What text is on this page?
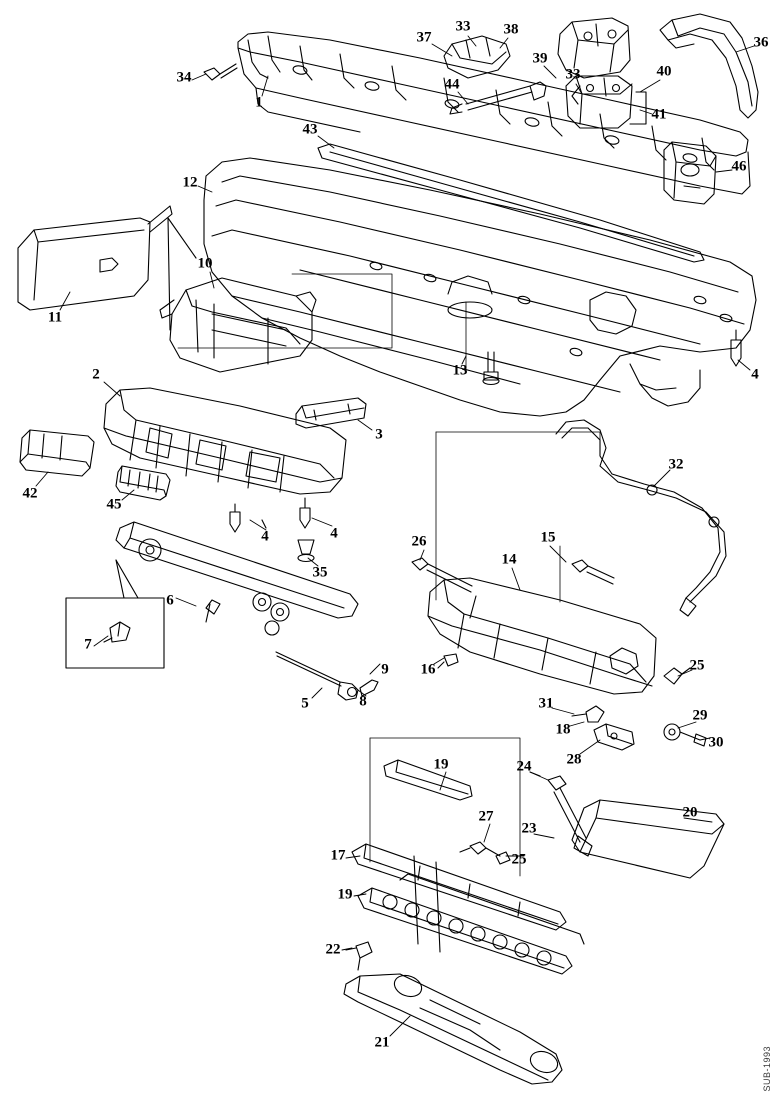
34
1
33
37	38
39
36
40
33
44
41
43
46
12
10
11
13	4
2
3
42
45
4	4
35
32
26	15
14
6
16	25
7
9
5	8	31
18
29
30
28
24
19
20
27
23
17	25
19
22
21
SUB-1993
